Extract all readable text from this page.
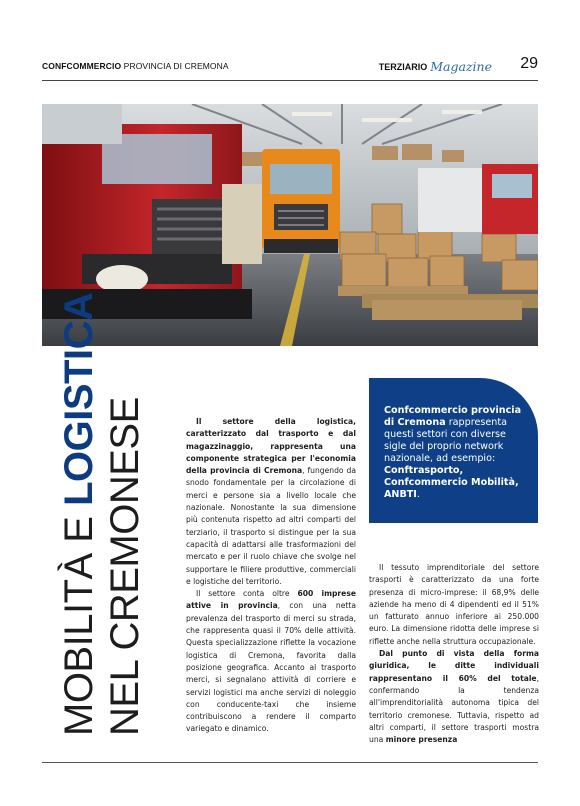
CONFCOMMERCIO PROVINCIA DI CREMONA	TERZIARIO Magazine 29
MOBILITÀ E LOGISTICA NEL CREMONESE	Il settore della logistica, caratterizzato dal trasporto e dal magazzinaggio, rappresenta una componente strategica per l'economia della provincia di Cremona, fungendo da snodo fondamentale per la circolazione di merci e persone sia a livello locale che nazionale. Nonostante la sua dimensione più contenuta rispetto ad altri comparti del terziario, il trasporto si distingue per la sua capacità di adattarsi alle trasformazioni del mercato e per il ruolo chiave che svolge nel supportare le filiere produttive, commerciali e logistiche del territorio.

Il settore conta oltre 600 imprese attive in provincia, con una netta prevalenza del trasporto di merci su strada, che rappresenta quasi il 70% delle attività. Questa specializzazione riflette la vocazione logistica di Cremona, favorita dalla posizione geografica. Accanto al trasporto merci, si segnalano attività di corriere e servizi logistici ma anche servizi di noleggio con conducente-taxi che insieme contribuiscono a rendere il comparto variegato e dinamico.

Confcommercio provincia di Cremona rappresenta questi settori con diverse sigle del proprio network nazionale, ad esempio: Conftrasporto, Confcommercio Mobilità, ANBTI.

Il tessuto imprenditoriale del settore trasporti è caratterizzato da una forte presenza di micro-imprese: il 68,9% delle aziende ha meno di 4 dipendenti ed il 51% un fatturato annuo inferiore ai 250.000 euro. La dimensione ridotta delle imprese si riflette anche nella struttura occupazionale.

Dal punto di vista della forma giuridica, le ditte individuali rappresentano il 60% del totale, confermando la tendenza all'imprenditorialità autonoma tipica del territorio cremonese. Tuttavia, rispetto ad altri comparti, il settore trasporti mostra una minore presenza
